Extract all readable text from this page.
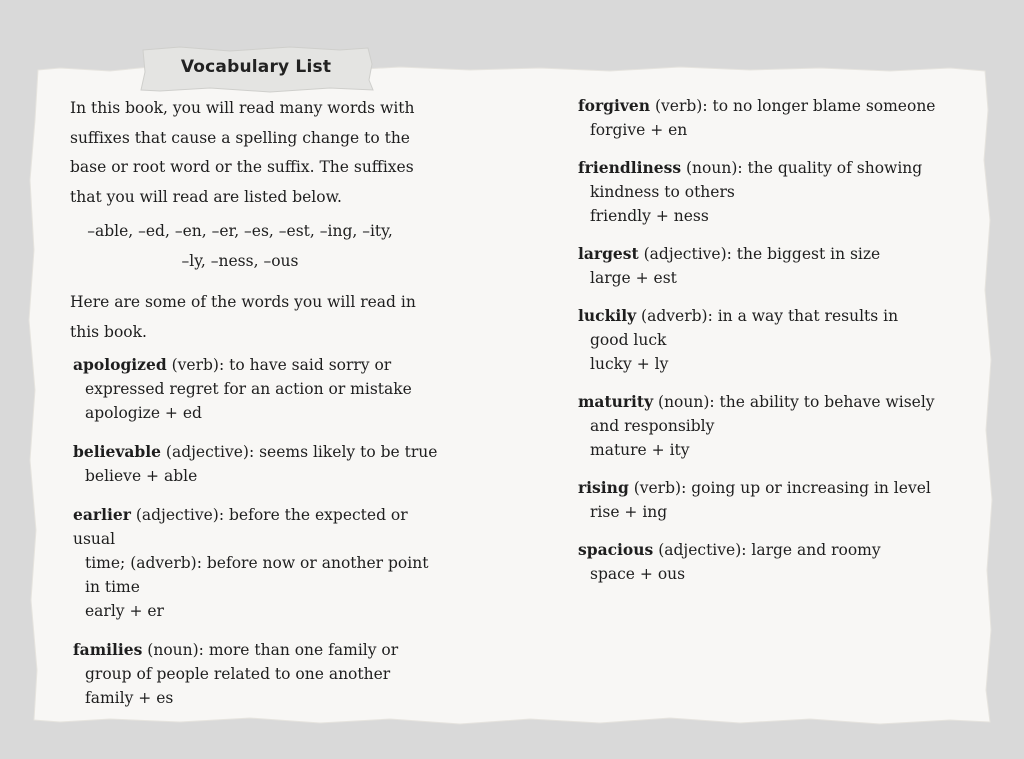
Vocabulary List

In this book, you will read many words with

suffixes that cause a spelling change to the

base or root word or the suffix. The suffixes

that you will read are listed below.

–able, –ed, –en, –er, –es, –est, –ing, –ity,
–ly, –ness, –ous

Here are some of the words you will read in

this book.

apologized (verb): to have said sorry or
expressed regret for an action or mistake
apologize + ed
believable (adjective): seems likely to be true
believe + able
earlier (adjective): before the expected or usual
time; (adverb): before now or another point
in time
early + er
families (noun): more than one family or
group of people related to one another
family + es
forgiven (verb): to no longer blame someone
forgive + en
friendliness (noun): the quality of showing
kindness to others
friendly + ness
largest (adjective): the biggest in size
large + est
luckily (adverb): in a way that results in
good luck
lucky + ly
maturity (noun): the ability to behave wisely
and responsibly
mature + ity
rising (verb): going up or increasing in level
rise + ing
spacious (adjective): large and roomy
space + ous
